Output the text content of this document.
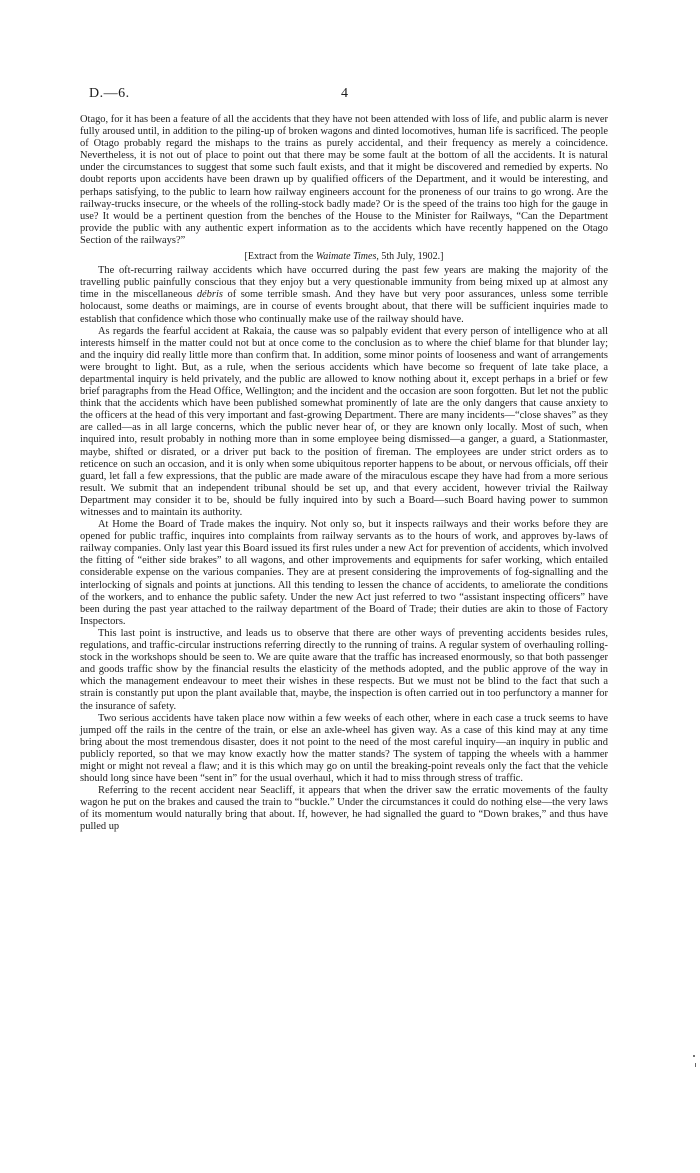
D.—6.	4

Otago, for it has been a feature of all the accidents that they have not been attended with loss of life, and public alarm is never fully aroused until, in addition to the piling-up of broken wagons and dinted locomotives, human life is sacrificed. The people of Otago probably regard the mishaps to the trains as purely accidental, and their frequency as merely a coincidence. Nevertheless, it is not out of place to point out that there may be some fault at the bottom of all the accidents. It is natural under the circumstances to suggest that some such fault exists, and that it might be discovered and remedied by experts. No doubt reports upon accidents have been drawn up by qualified officers of the Department, and it would be interesting, and perhaps satisfying, to the public to learn how railway engineers account for the proneness of our trains to go wrong. Are the railway-trucks insecure, or the wheels of the rolling-stock badly made? Or is the speed of the trains too high for the gauge in use? It would be a pertinent question from the benches of the House to the Minister for Railways, “Can the Department provide the public with any authentic expert information as to the accidents which have recently happened on the Otago Section of the railways?”

[Extract from the Waimate Times, 5th July, 1902.]

The oft-recurring railway accidents which have occurred during the past few years are making the majority of the travelling public painfully conscious that they enjoy but a very questionable immunity from being mixed up at almost any time in the miscellaneous débris of some terrible smash. And they have but very poor assurances, unless some terrible holocaust, some deaths or maimings, are in course of events brought about, that there will be sufficient inquiries made to establish that confidence which those who continually make use of the railway should have.

As regards the fearful accident at Rakaia, the cause was so palpably evident that every person of intelligence who at all interests himself in the matter could not but at once come to the conclusion as to where the chief blame for that blunder lay; and the inquiry did really little more than confirm that. In addition, some minor points of looseness and want of arrangements were brought to light. But, as a rule, when the serious accidents which have become so frequent of late take place, a departmental inquiry is held privately, and the public are allowed to know nothing about it, except perhaps in a brief or few brief paragraphs from the Head Office, Wellington; and the incident and the occasion are soon forgotten. But let not the public think that the accidents which have been published somewhat prominently of late are the only dangers that cause anxiety to the officers at the head of this very important and fast-growing Department. There are many incidents—“close shaves” as they are called—as in all large concerns, which the public never hear of, or they are known only locally. Most of such, when inquired into, result probably in nothing more than in some employee being dismissed—a ganger, a guard, a Stationmaster, maybe, shifted or disrated, or a driver put back to the position of fireman. The employees are under strict orders as to reticence on such an occasion, and it is only when some ubiquitous reporter happens to be about, or nervous officials, off their guard, let fall a few expressions, that the public are made aware of the miraculous escape they have had from a more serious result. We submit that an independent tribunal should be set up, and that every accident, however trivial the Railway Department may consider it to be, should be fully inquired into by such a Board—such Board having power to summon witnesses and to maintain its authority.

At Home the Board of Trade makes the inquiry. Not only so, but it inspects railways and their works before they are opened for public traffic, inquires into complaints from railway servants as to the hours of work, and approves by-laws of railway companies. Only last year this Board issued its first rules under a new Act for prevention of accidents, which involved the fitting of “either side brakes” to all wagons, and other improvements and equipments for safer working, which entailed considerable expense on the various companies. They are at present considering the improvements of fog-signalling and the interlocking of signals and points at junctions. All this tending to lessen the chance of accidents, to ameliorate the conditions of the workers, and to enhance the public safety. Under the new Act just referred to two “assistant inspecting officers” have been during the past year attached to the railway department of the Board of Trade; their duties are akin to those of Factory Inspectors.

This last point is instructive, and leads us to observe that there are other ways of preventing accidents besides rules, regulations, and traffic-circular instructions referring directly to the running of trains. A regular system of overhauling rolling-stock in the workshops should be seen to. We are quite aware that the traffic has increased enormously, so that both passenger and goods traffic show by the financial results the elasticity of the methods adopted, and the public approve of the way in which the management endeavour to meet their wishes in these respects. But we must not be blind to the fact that such a strain is constantly put upon the plant available that, maybe, the inspection is often carried out in too perfunctory a manner for the insurance of safety.

Two serious accidents have taken place now within a few weeks of each other, where in each case a truck seems to have jumped off the rails in the centre of the train, or else an axle-wheel has given way. As a case of this kind may at any time bring about the most tremendous disaster, does it not point to the need of the most careful inquiry—an inquiry in public and publicly reported, so that we may know exactly how the matter stands? The system of tapping the wheels with a hammer might or might not reveal a flaw; and it is this which may go on until the breaking-point reveals only the fact that the vehicle should long since have been “sent in” for the usual overhaul, which it had to miss through stress of traffic.

Referring to the recent accident near Seacliff, it appears that when the driver saw the erratic movements of the faulty wagon he put on the brakes and caused the train to “buckle.” Under the circumstances it could do nothing else—the very laws of its momentum would naturally bring that about. If, however, he had signalled the guard to “Down brakes,” and thus have pulled up
